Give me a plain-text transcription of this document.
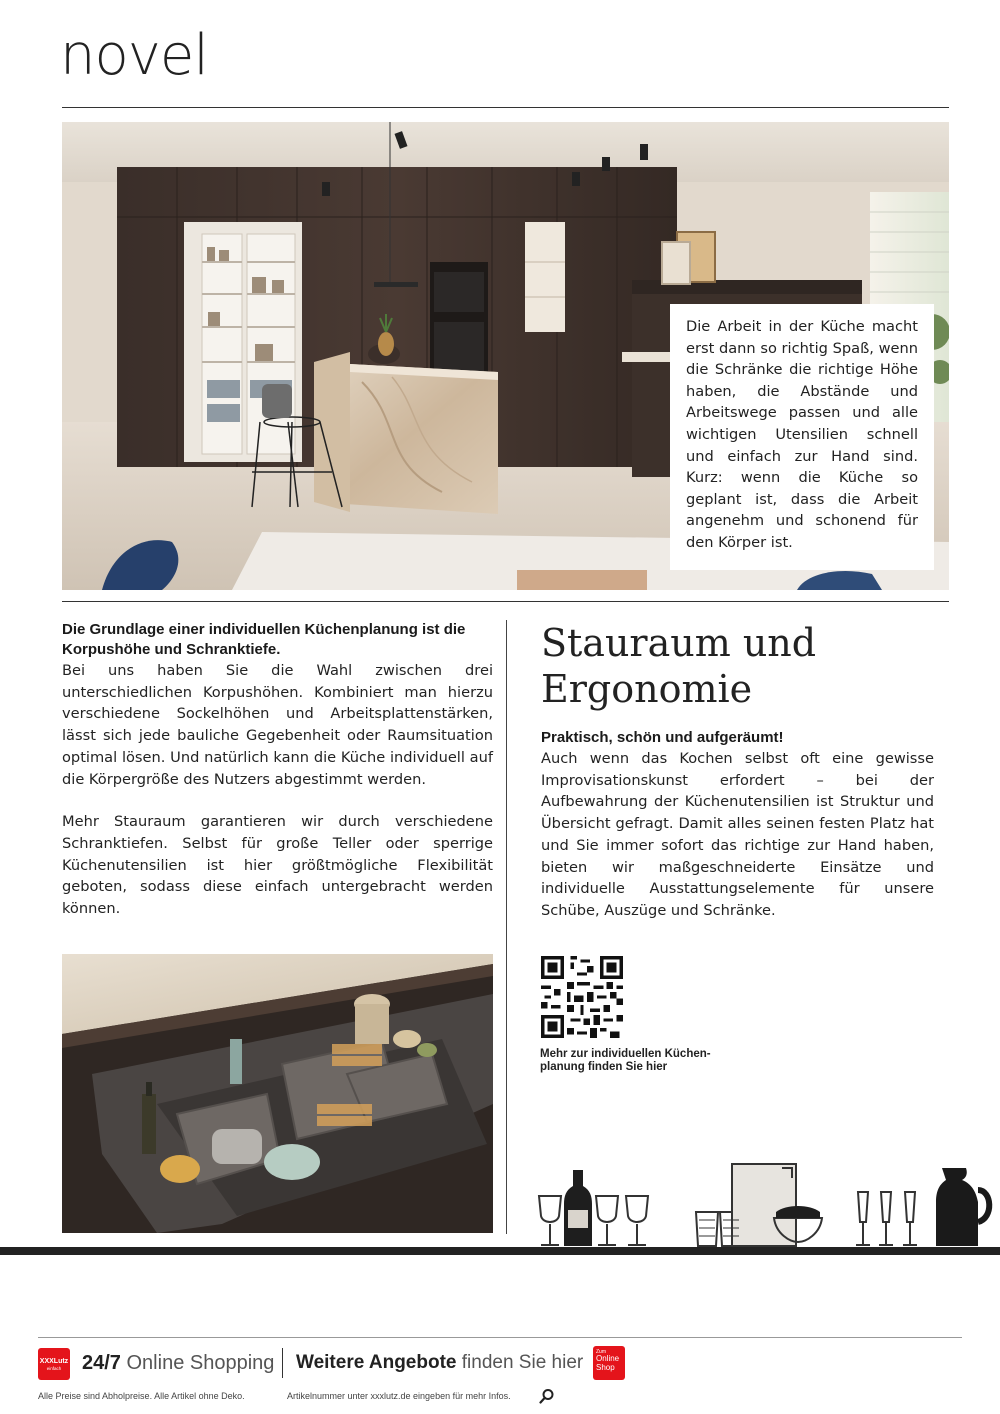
novel
Die Arbeit in der Küche macht erst dann so richtig Spaß, wenn die Schränke die richtige Höhe haben, die Abstände und Arbeitswege passen und alle wichtigen Utensilien schnell und einfach zur Hand sind. Kurz: wenn die Küche so geplant ist, dass die Arbeit angenehm und schonend für den Körper ist.
Die Grundlage einer individuellen Küchenplanung ist die Korpushöhe und Schranktiefe.

Bei uns haben Sie die Wahl zwischen drei unterschiedlichen Korpushöhen. Kombiniert man hierzu verschiedene Sockelhöhen und Arbeitsplattenstärken, lässt sich jede bauliche Gegebenheit oder Raumsituation optimal lösen. Und natürlich kann die Küche individuell auf die Körpergröße des Nutzers abgestimmt werden.

Mehr Stauraum garantieren wir durch verschiedene Schranktiefen. Selbst für große Teller oder sperrige Küchenutensilien ist hier größtmögliche Flexibilität geboten, sodass diese einfach untergebracht werden können.

Stauraum und
Ergonomie
Praktisch, schön und aufgeräumt!

Auch wenn das Kochen selbst oft eine gewisse Improvisationskunst erfordert – bei der Aufbewahrung der Küchenutensilien ist Struktur und Übersicht gefragt. Damit alles seinen festen Platz hat und Sie immer sofort das richtige zur Hand haben, bieten wir maßgeschneiderte Einsätze und individuelle Ausstattungselemente für unsere Schübe, Auszüge und Schränke.

Mehr zur individuellen Küchen-
planung finden Sie hier
XXXLutz
einfach	24/7 Online Shopping Weitere Angebote finden Sie hier	Zum
Online
Shop
Alle Preise sind Abholpreise. Alle Artikel ohne Deko.	Artikelnummer unter xxxlutz.de eingeben für mehr Infos.
